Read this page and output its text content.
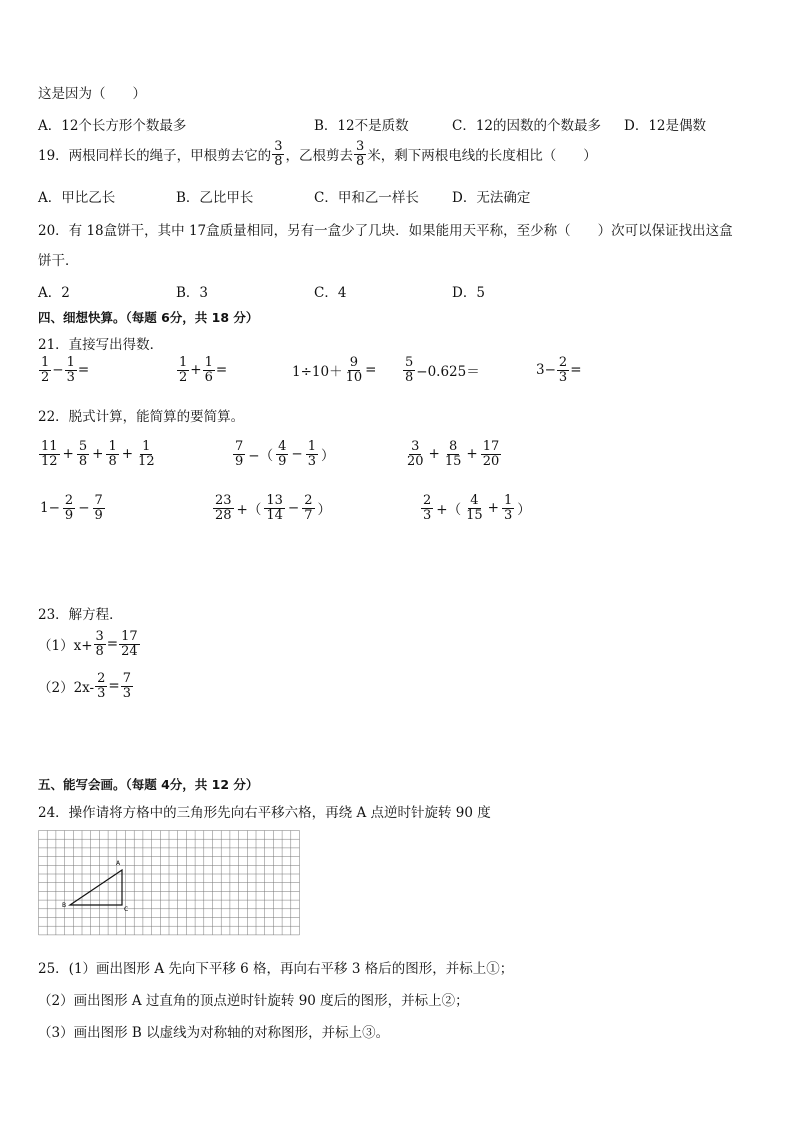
这是因为（　　）
A．12个长方形个数最多	B．12不是质数	C．12的因数的个数最多 D．12是偶数
19．两根同样长的绳子，甲根剪去它的 $\frac{3}{8}$ ，乙根剪去 $\frac{3}{8}$ 米，剩下两根电线的长度相比（　　）
A．甲比乙长	B．乙比甲长	C．甲和乙一样长 D．无法确定
20．有 18盒饼干，其中 17盒质量相同，另有一盒少了几块．如果能用天平称，至少称（　　）次可以保证找出这盒
饼干．
A．2	B．3	C．4	D．5
四、细想快算。（每题 6分，共 18 分）
21．直接写出得数．
$\frac{1}{2} - \frac{1}{3}$ =	$\frac{1}{2} + \frac{1}{6}$ =	$1\div 10+ \frac{9}{10} = \frac{5}{8} -0.625=$	$3- \frac{2}{3}$ =
22．脱式计算，能简算的要简算。
$\frac{11}{12} + \frac{5}{8} + \frac{1}{8} + \frac{1}{12}$	$\frac{7}{9}$ −（ $\frac{4}{9} - \frac{1}{3}$ ）	$\frac{3}{20} + \frac{8}{15} + \frac{17}{20}$
$1- \frac{2}{9} - \frac{7}{9}$	$\frac{23}{28}$ +（ $\frac{13}{14} - \frac{2}{7}$ ）	$\frac{2}{3}$ +（ $\frac{4}{15} + \frac{1}{3}$ ）
23．解方程．
$(1)x+ \frac{3}{8} = \frac{17}{24}$
$(2)2x- \frac{2}{3} = \frac{7}{3}$
五、能写会画。（每题 4分，共 12 分）
24．操作请将方格中的三角形先向右平移六格，再绕 A 点逆时针旋转 90 度
A
B
C
25．(1）画出图形 A 先向下平移 6 格，再向右平移 3 格后的图形，并标上①；
（2）画出图形 A 过直角的顶点逆时针旋转 90 度后的图形，并标上②；
（3）画出图形 B 以虚线为对称轴的对称图形，并标上③。
